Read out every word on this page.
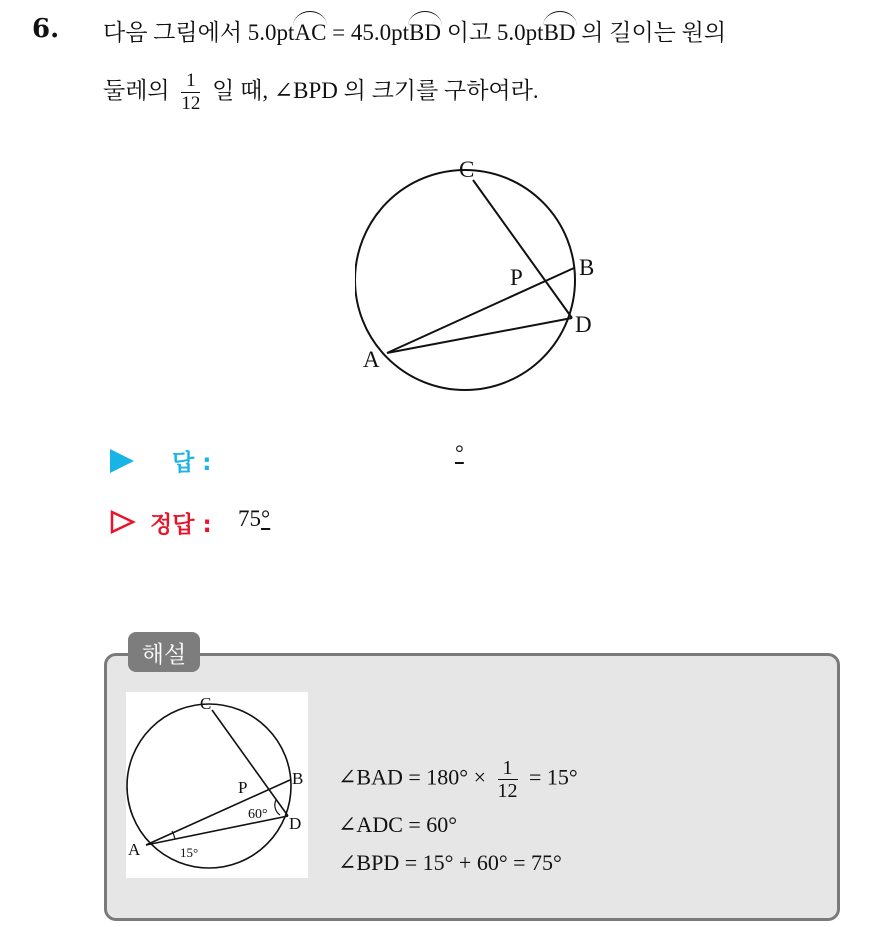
6. 다음 그림에서 5.0ptAC = 45.0ptBD 이고 5.0ptBD 의 길이는 원의
둘레의 $\frac{1}{12}$ 일 때, ∠BPD 의 크기를 구하여라.
C
B
P
D
A
답 :	°
정답 : 75°
해설
C
B
P
D
A
60°
15°
∠BAD = $180^\circ \times \frac{1}{12} = 15^\circ$
∠ADC = 60°
∠BPD = 15° + 60° = 75°
